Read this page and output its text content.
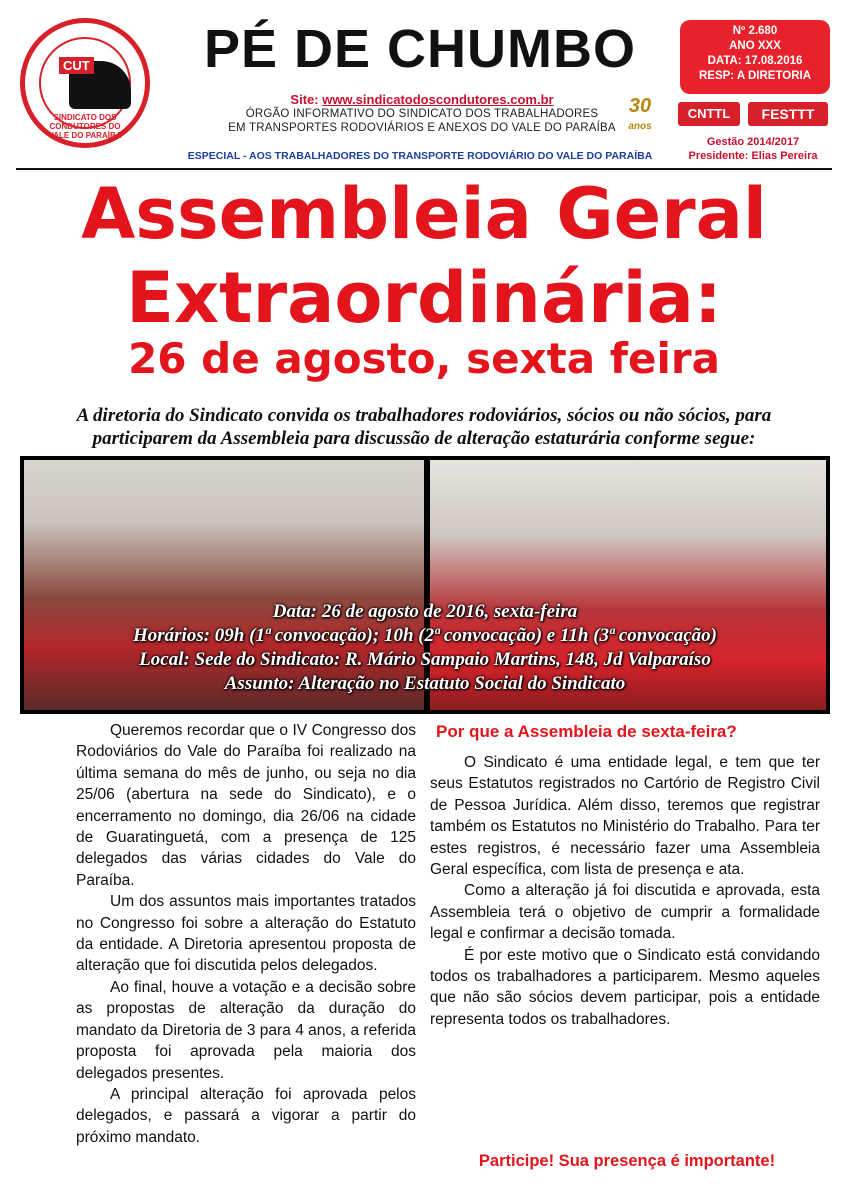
CUT
SINDICATO DOS CONDUTORES DO VALE DO PARAÍBA
PÉ DE CHUMBO
Site: www.sindicatodoscondutores.com.br
ÓRGÃO INFORMATIVO DO SINDICATO DOS TRABALHADORES
EM TRANSPORTES RODOVIÁRIOS E ANEXOS DO VALE DO PARAÍBA
30
anos
ESPECIAL - AOS TRABALHADORES DO TRANSPORTE RODOVIÁRIO DO VALE DO PARAÍBA
Nº 2.680
ANO XXX
DATA: 17.08.2016
RESP: A DIRETORIA
CNTTL	FESTTT
Gestão 2014/2017
Presidente: Elias Pereira
Assembleia Geral
Extraordinária:
26 de agosto, sexta feira
A diretoria do Sindicato convida os trabalhadores rodoviários, sócios ou não sócios, para participarem da Assembleia para discussão de alteração estaturária conforme segue:
Data: 26 de agosto de 2016, sexta-feira
Horários: 09h (1ª convocação); 10h (2ª convocação) e 11h (3ª convocação)
Local: Sede do Sindicato: R. Mário Sampaio Martins, 148, Jd Valparaíso
Assunto: Alteração no Estatuto Social do Sindicato

Queremos recordar que o IV Congresso dos Rodoviários do Vale do Paraíba foi realizado na última semana do mês de junho, ou seja no dia 25/06 (abertura na sede do Sindicato), e o encerramento no domingo, dia 26/06 na cidade de Guaratinguetá, com a presença de 125 delegados das várias cidades do Vale do Paraíba.

Um dos assuntos mais importantes tratados no Congresso foi sobre a alteração do Estatuto da entidade. A Diretoria apresentou proposta de alteração que foi discutida pelos delegados.

Ao final, houve a votação e a decisão sobre as propostas de alteração da duração do mandato da Diretoria de 3 para 4 anos, a referida proposta foi aprovada pela maioria dos delegados presentes.

A principal alteração foi aprovada pelos delegados, e passará a vigorar a partir do próximo mandato.

Por que a Assembleia de sexta-feira?

O Sindicato é uma entidade legal, e tem que ter seus Estatutos registrados no Cartório de Registro Civil de Pessoa Jurídica. Além disso, teremos que registrar também os Estatutos no Ministério do Trabalho. Para ter estes registros, é necessário fazer uma Assembleia Geral específica, com lista de presença e ata.

Como a alteração já foi discutida e aprovada, esta Assembleia terá o objetivo de cumprir a formalidade legal e confirmar a decisão tomada.

É por este motivo que o Sindicato está convidando todos os trabalhadores a participarem. Mesmo aqueles que não são sócios devem participar, pois a entidade representa todos os trabalhadores.

Participe! Sua presença é importante!
